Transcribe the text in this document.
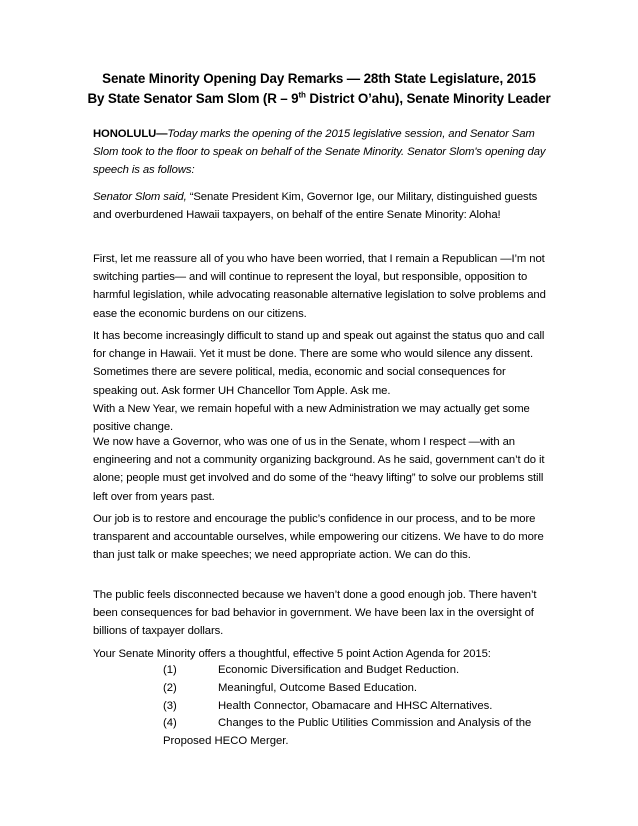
Senate Minority Opening Day Remarks — 28th State Legislature, 2015
By State Senator Sam Slom (R – 9th District O’ahu), Senate Minority Leader
HONOLULU—Today marks the opening of the 2015 legislative session, and Senator Sam Slom took to the floor to speak on behalf of the Senate Minority. Senator Slom's opening day speech is as follows:
Senator Slom said, “Senate President Kim, Governor Ige, our Military, distinguished guests and overburdened Hawaii taxpayers, on behalf of the entire Senate Minority: Aloha!
First, let me reassure all of you who have been worried, that I remain a Republican —I’m not switching parties— and will continue to represent the loyal, but responsible, opposition to harmful legislation, while advocating reasonable alternative legislation to solve problems and ease the economic burdens on our citizens.
It has become increasingly difficult to stand up and speak out against the status quo and call for change in Hawaii. Yet it must be done. There are some who would silence any dissent. Sometimes there are severe political, media, economic and social consequences for speaking out. Ask former UH Chancellor Tom Apple. Ask me.
With a New Year, we remain hopeful with a new Administration we may actually get some positive change.
We now have a Governor, who was one of us in the Senate, whom I respect —with an engineering and not a community organizing background. As he said, government can’t do it alone; people must get involved and do some of the “heavy lifting” to solve our problems still left over from years past.
Our job is to restore and encourage the public’s confidence in our process, and to be more transparent and accountable ourselves, while empowering our citizens. We have to do more than just talk or make speeches; we need appropriate action. We can do this.
The public feels disconnected because we haven’t done a good enough job. There haven’t been consequences for bad behavior in government. We have been lax in the oversight of billions of taxpayer dollars.
Your Senate Minority offers a thoughtful, effective 5 point Action Agenda for 2015:
(1)	Economic Diversification and Budget Reduction.
(2)	Meaningful, Outcome Based Education.
(3)	Health Connector, Obamacare and HHSC Alternatives.
(4)	Changes to the Public Utilities Commission and Analysis of the
Proposed HECO Merger.
